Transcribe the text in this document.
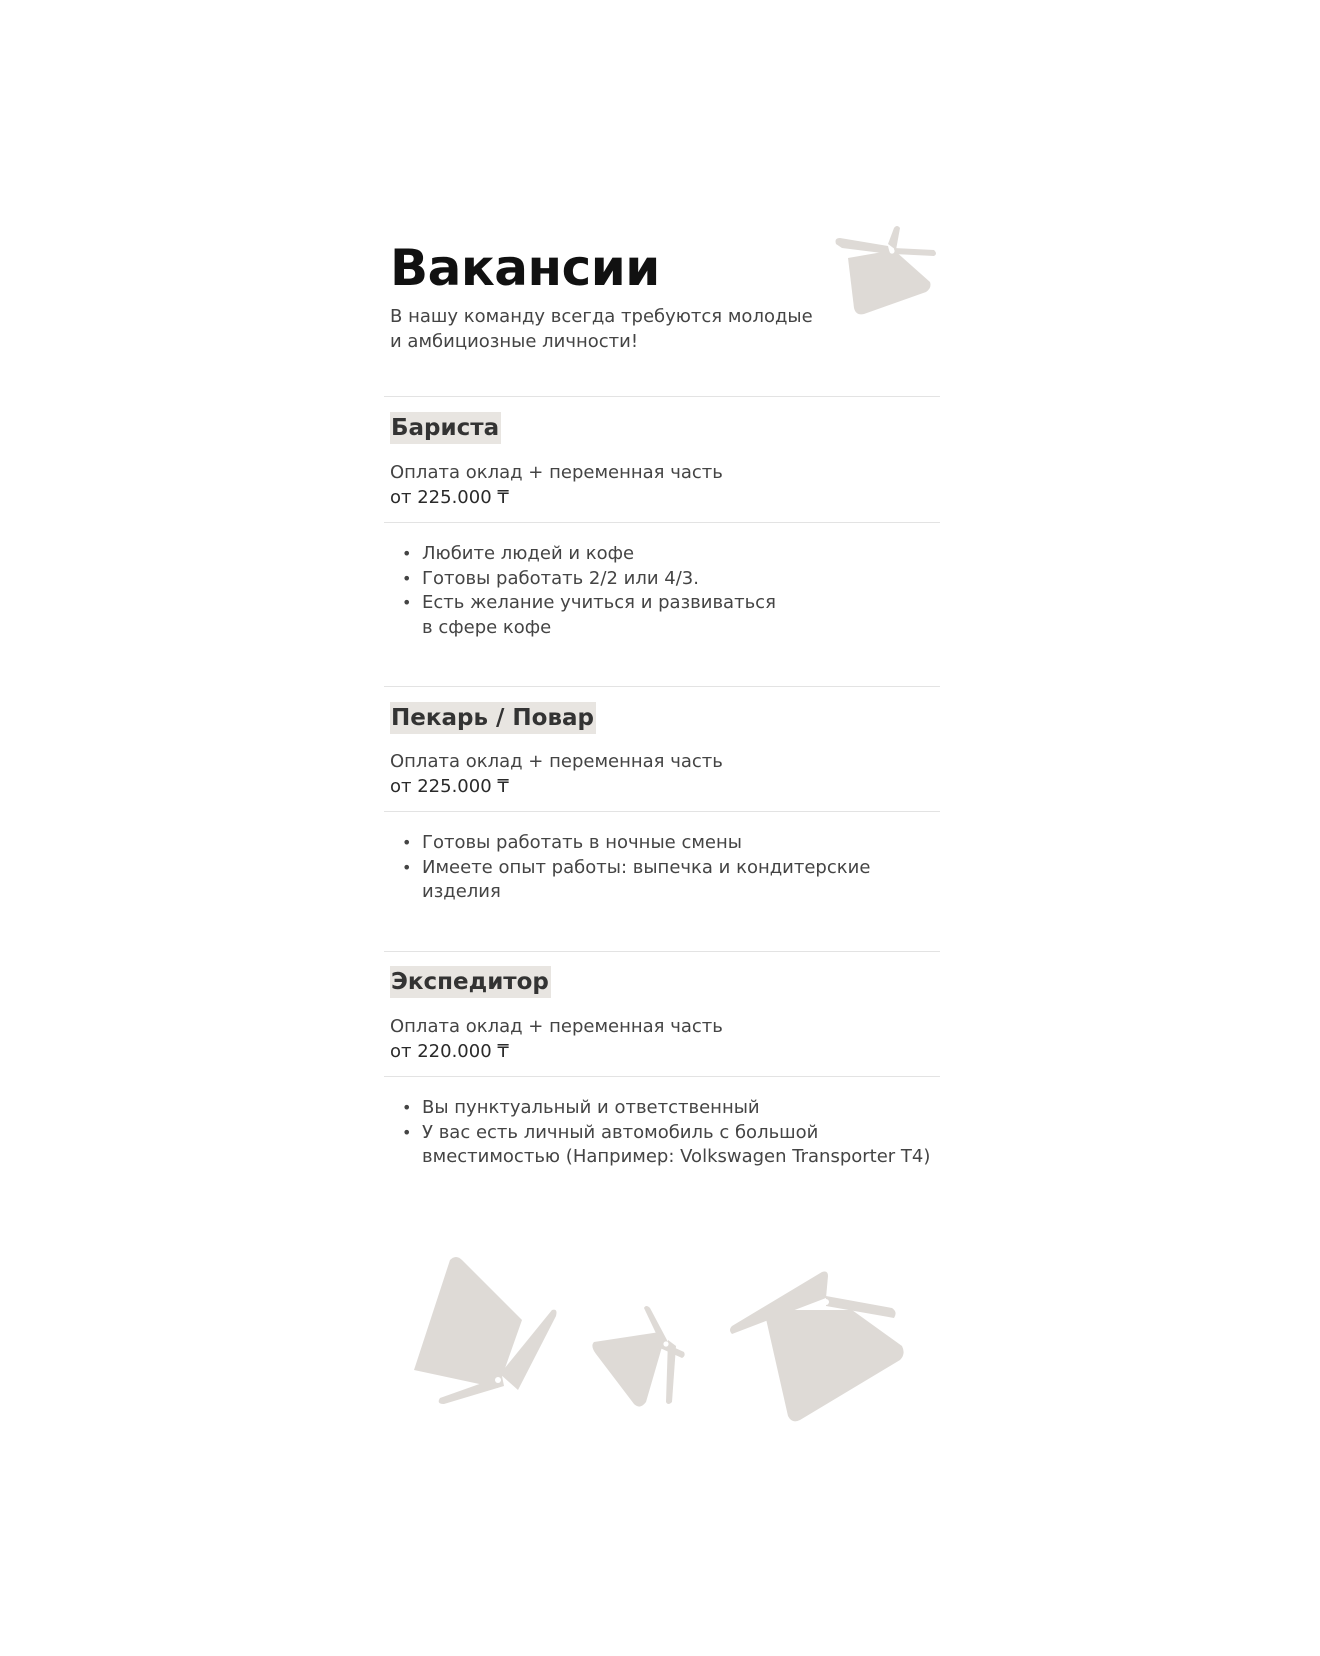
Вакансии

В нашу команду всегда требуются молодые и амбициозные личности!

Бариста
Оплата оклад + переменная часть
от 225.000 ₸
• Любите людей и кофе
• Готовы работать 2/2 или 4/3.
• Есть желание учиться и развиваться в сфере кофе
Пекарь / Повар
Оплата оклад + переменная часть
от 225.000 ₸
• Готовы работать в ночные смены
• Имеете опыт работы: выпечка и кондитерские изделия
Экспедитор
Оплата оклад + переменная часть
от 220.000 ₸
• Вы пунктуальный и ответственный
• У вас есть личный автомобиль с большой вместимостью (Например: Volkswagen Transporter T4)
